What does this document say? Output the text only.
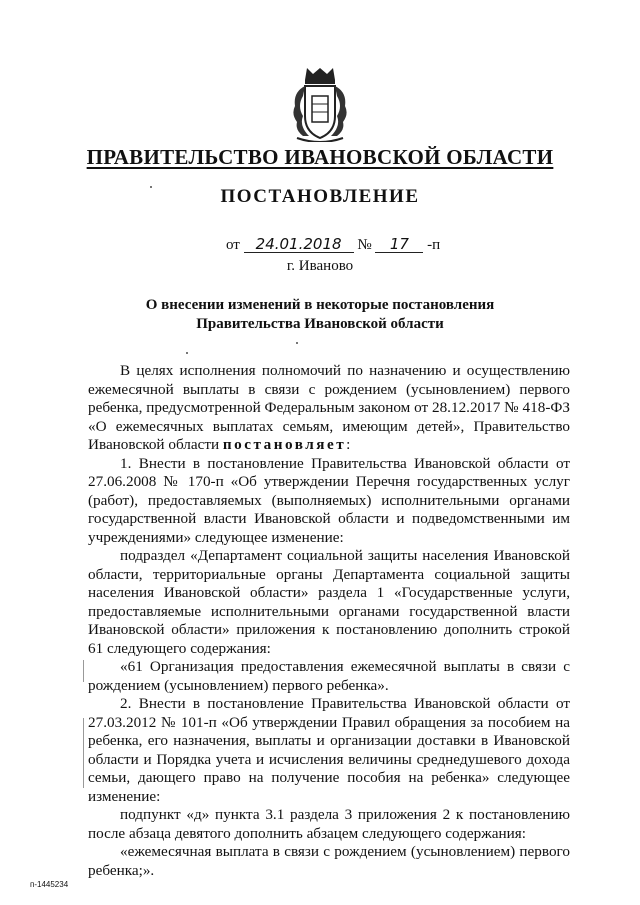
ПРАВИТЕЛЬСТВО ИВАНОВСКОЙ ОБЛАСТИ
ПОСТАНОВЛЕНИЕ
от 24.01.2018 № 17 -п
г. Иваново
О внесении изменений в некоторые постановления
Правительства Ивановской области

В целях исполнения полномочий по назначению и осуществлению ежемесячной выплаты в связи с рождением (усыновлением) первого ребенка, предусмотренной Федеральным законом от 28.12.2017 № 418-ФЗ «О ежемесячных выплатах семьям, имеющим детей», Правительство Ивановской области постановляет:

1. Внести в постановление Правительства Ивановской области от 27.06.2008 № 170-п «Об утверждении Перечня государственных услуг (работ), предоставляемых (выполняемых) исполнительными органами государственной власти Ивановской области и подведомственными им учреждениями» следующее изменение:

подраздел «Департамент социальной защиты населения Ивановской области, территориальные органы Департамента социальной защиты населения Ивановской области» раздела 1 «Государственные услуги, предоставляемые исполнительными органами государственной власти Ивановской области» приложения к постановлению дополнить строкой 61 следующего содержания:

«61 Организация предоставления ежемесячной выплаты в связи с рождением (усыновлением) первого ребенка».

2. Внести в постановление Правительства Ивановской области от 27.03.2012 № 101-п «Об утверждении Правил обращения за пособием на ребенка, его назначения, выплаты и организации доставки в Ивановской области и Порядка учета и исчисления величины среднедушевого дохода семьи, дающего право на получение пособия на ребенка» следующее изменение:

подпункт «д» пункта 3.1 раздела 3 приложения 2 к постановлению после абзаца девятого дополнить абзацем следующего содержания:

«ежемесячная выплата в связи с рождением (усыновлением) первого ребенка;».

п-1445234
